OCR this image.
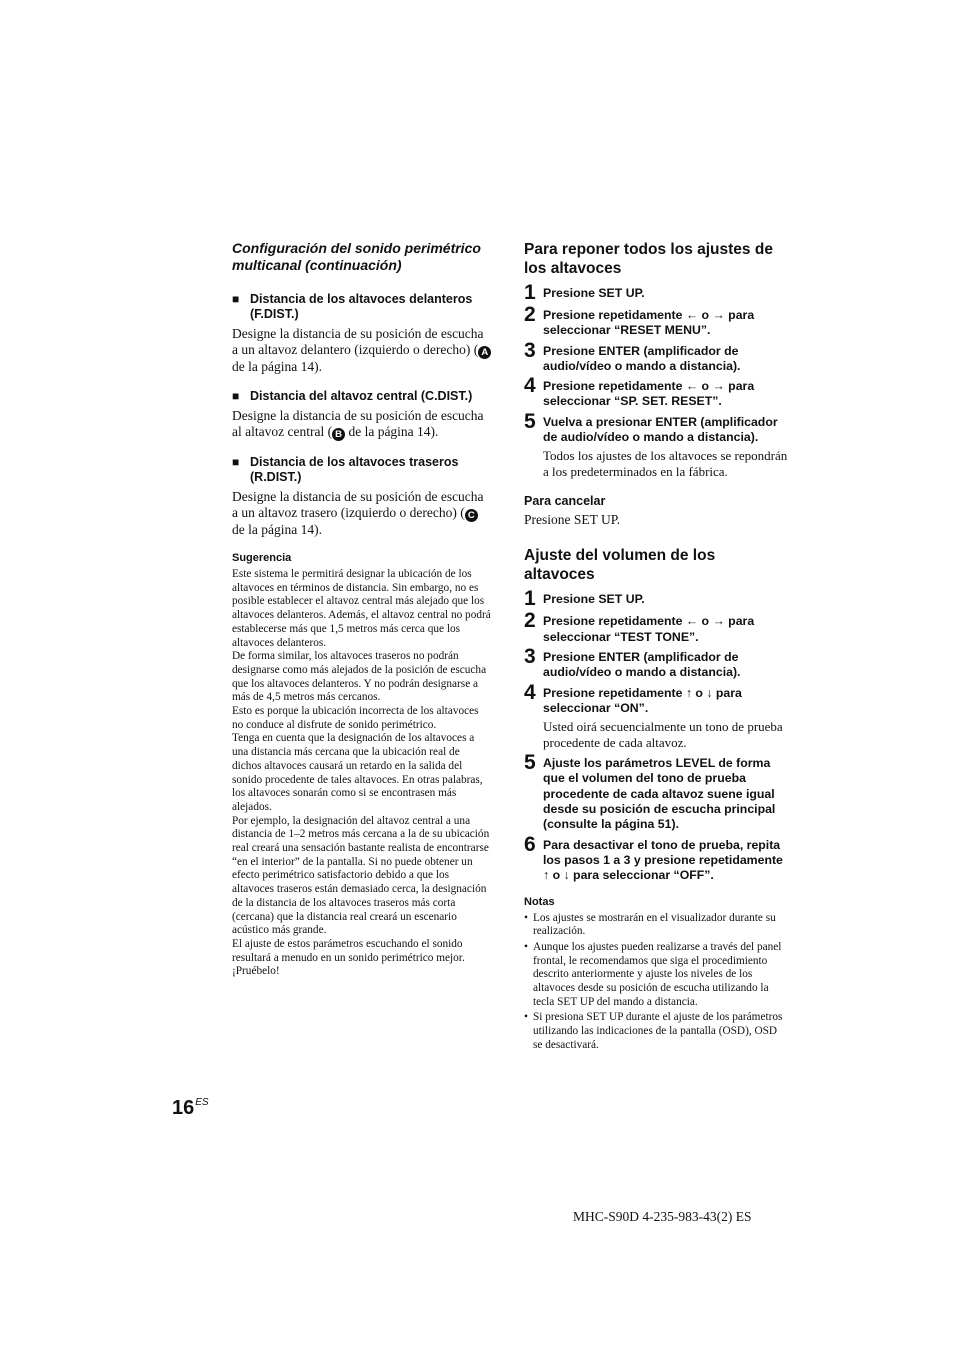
Configuración del sonido perimétrico multicanal (continuación)

■ Distancia de los altavoces delanteros (F.DIST.)

Designe la distancia de su posición de escucha a un altavoz delantero (izquierdo o derecho) ( A de la página 14).

■ Distancia del altavoz central (C.DIST.)

Designe la distancia de su posición de escucha al altavoz central ( B de la página 14).

■ Distancia de los altavoces traseros (R.DIST.)

Designe la distancia de su posición de escucha a un altavoz trasero (izquierdo o derecho) ( C de la página 14).

Sugerencia

Este sistema le permitirá designar la ubicación de los altavoces en términos de distancia. Sin embargo, no es posible establecer el altavoz central más alejado que los altavoces delanteros. Además, el altavoz central no podrá establecerse más que 1,5 metros más cerca que los altavoces delanteros.

De forma similar, los altavoces traseros no podrán designarse como más alejados de la posición de escucha que los altavoces delanteros. Y no podrán designarse a más de 4,5 metros más cercanos.

Esto es porque la ubicación incorrecta de los altavoces no conduce al disfrute de sonido perimétrico.

Tenga en cuenta que la designación de los altavoces a una distancia más cercana que la ubicación real de dichos altavoces causará un retardo en la salida del sonido procedente de tales altavoces. En otras palabras, los altavoces sonarán como si se encontrasen más alejados.

Por ejemplo, la designación del altavoz central a una distancia de 1–2 metros más cercana a la de su ubicación real creará una sensación bastante realista de encontrarse “en el interior” de la pantalla. Si no puede obtener un efecto perimétrico satisfactorio debido a que los altavoces traseros están demasiado cerca, la designación de la distancia de los altavoces traseros más corta (cercana) que la distancia real creará un escenario acústico más grande.

El ajuste de estos parámetros escuchando el sonido resultará a menudo en un sonido perimétrico mejor. ¡Pruébelo!

Para reponer todos los ajustes de los altavoces
1 Presione SET UP.
2 Presione repetidamente ← o → para seleccionar “RESET MENU”.
3 Presione ENTER (amplificador de audio/vídeo o mando a distancia).
4 Presione repetidamente ← o → para seleccionar “SP. SET. RESET”.
5 Vuelva a presionar ENTER (amplificador de audio/vídeo o mando a distancia).

Todos los ajustes de los altavoces se repondrán a los predeterminados en la fábrica.

Para cancelar

Presione SET UP.

Ajuste del volumen de los altavoces
1 Presione SET UP.
2 Presione repetidamente ← o → para seleccionar “TEST TONE”.
3 Presione ENTER (amplificador de audio/vídeo o mando a distancia).
4 Presione repetidamente ↑ o ↓ para seleccionar “ON”.

Usted oirá secuencialmente un tono de prueba procedente de cada altavoz.

5 Ajuste los parámetros LEVEL de forma que el volumen del tono de prueba procedente de cada altavoz suene igual desde su posición de escucha principal (consulte la página 51).
6 Para desactivar el tono de prueba, repita los pasos 1 a 3 y presione repetidamente ↑ o ↓ para seleccionar “OFF”.
Notas
• Los ajustes se mostrarán en el visualizador durante su realización.
• Aunque los ajustes pueden realizarse a través del panel frontal, le recomendamos que siga el procedimiento descrito anteriormente y ajuste los niveles de los altavoces desde su posición de escucha utilizando la tecla SET UP del mando a distancia.
• Si presiona SET UP durante el ajuste de los parámetros utilizando las indicaciones de la pantalla (OSD), OSD se desactivará.
$16^{ES}$
MHC-S90D 4-235-983-43(2) ES
